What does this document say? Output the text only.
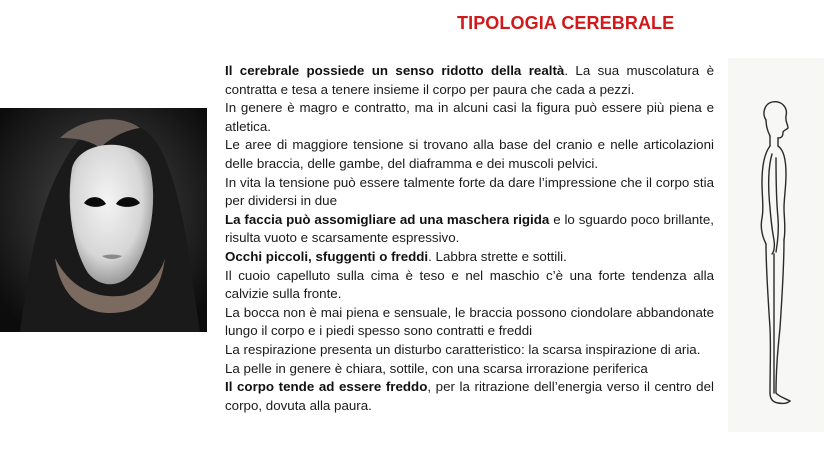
TIPOLOGIA CEREBRALE

Il cerebrale possiede un senso ridotto della realtà. La sua muscolatura è contratta e tesa a tenere insieme il corpo per paura che cada a pezzi.

In genere è magro e contratto, ma in alcuni casi la figura può essere più piena e atletica.

Le aree di maggiore tensione si trovano alla base del cranio e nelle articolazioni delle braccia, delle gambe, del diaframma e dei muscoli pelvici.

In vita la tensione può essere talmente forte da dare l’impressione che il corpo stia per dividersi in due

La faccia può assomigliare ad una maschera rigida e lo sguardo poco brillante, risulta vuoto e scarsamente espressivo.

Occhi piccoli, sfuggenti o freddi. Labbra strette e sottili.

Il cuoio capelluto sulla cima è teso e nel maschio c’è una forte tendenza alla calvizie sulla fronte.

La bocca non è mai piena e sensuale, le braccia possono ciondolare abbandonate lungo il corpo e i piedi spesso sono contratti e freddi

La respirazione presenta un disturbo caratteristico: la scarsa inspirazione di aria.

La pelle in genere è chiara, sottile, con una scarsa irrorazione periferica

Il corpo tende ad essere freddo, per la ritrazione dell’energia verso il centro del corpo, dovuta alla paura.
